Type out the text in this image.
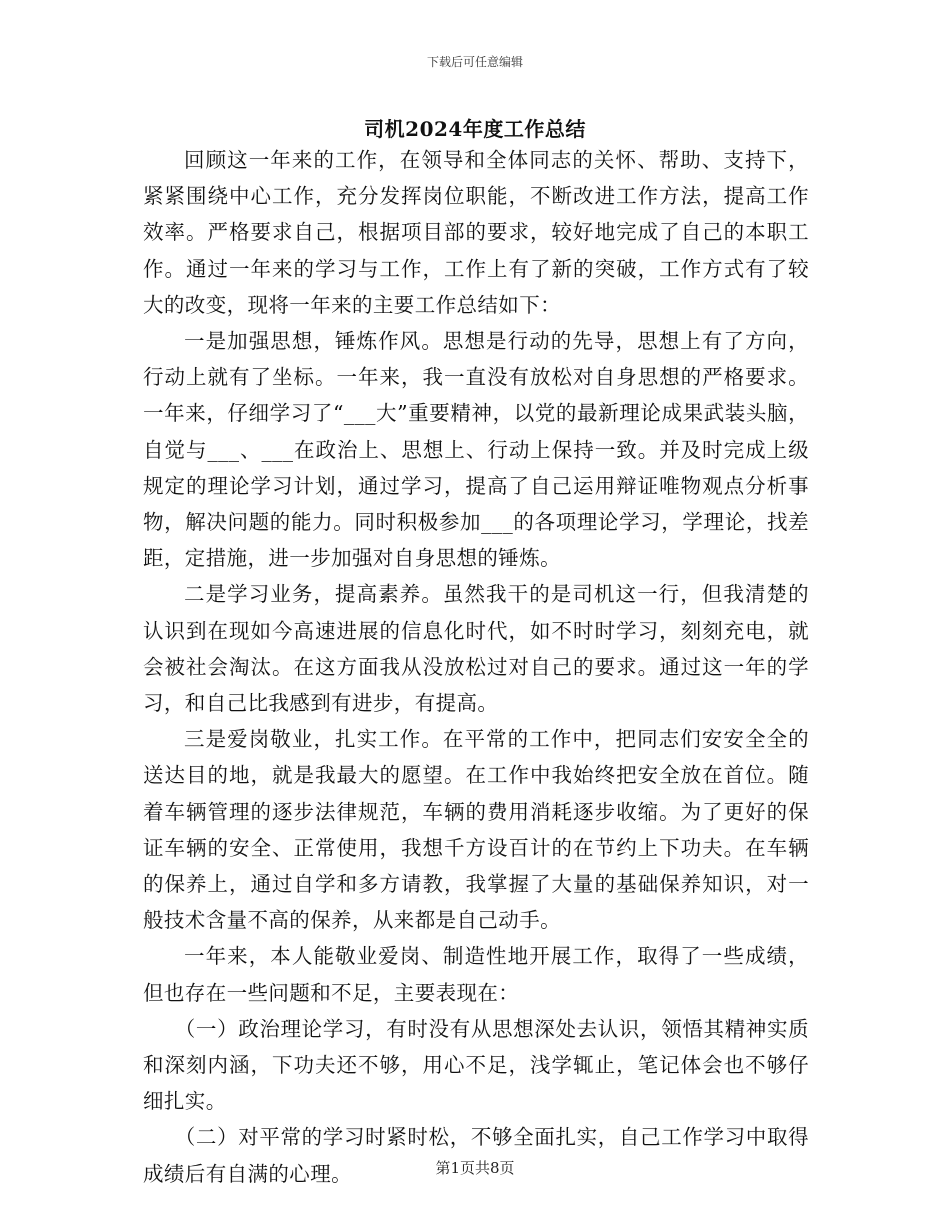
下载后可任意编辑
司机2024年度工作总结

回顾这一年来的工作，在领导和全体同志的关怀、帮助、支持下，紧紧围绕中心工作，充分发挥岗位职能，不断改进工作方法，提高工作效率。严格要求自己，根据项目部的要求，较好地完成了自己的本职工作。通过一年来的学习与工作，工作上有了新的突破，工作方式有了较大的改变，现将一年来的主要工作总结如下：

一是加强思想，锤炼作风。思想是行动的先导，思想上有了方向，行动上就有了坐标。一年来，我一直没有放松对自身思想的严格要求。一年来，仔细学习了“___大”重要精神，以党的最新理论成果武装头脑，自觉与___、___在政治上、思想上、行动上保持一致。并及时完成上级规定的理论学习计划，通过学习，提高了自己运用辩证唯物观点分析事物，解决问题的能力。同时积极参加___的各项理论学习，学理论，找差距，定措施，进一步加强对自身思想的锤炼。

二是学习业务，提高素养。虽然我干的是司机这一行，但我清楚的认识到在现如今高速进展的信息化时代，如不时时学习，刻刻充电，就会被社会淘汰。在这方面我从没放松过对自己的要求。通过这一年的学习，和自己比我感到有进步，有提高。

三是爱岗敬业，扎实工作。在平常的工作中，把同志们安安全全的送达目的地，就是我最大的愿望。在工作中我始终把安全放在首位。随着车辆管理的逐步法律规范，车辆的费用消耗逐步收缩。为了更好的保证车辆的安全、正常使用，我想千方设百计的在节约上下功夫。在车辆的保养上，通过自学和多方请教，我掌握了大量的基础保养知识，对一般技术含量不高的保养，从来都是自己动手。

一年来，本人能敬业爱岗、制造性地开展工作，取得了一些成绩，但也存在一些问题和不足，主要表现在：

（一）政治理论学习，有时没有从思想深处去认识，领悟其精神实质和深刻内涵，下功夫还不够，用心不足，浅学辄止，笔记体会也不够仔细扎实。

（二）对平常的学习时紧时松，不够全面扎实，自己工作学习中取得成绩后有自满的心理。	第1页共8页
